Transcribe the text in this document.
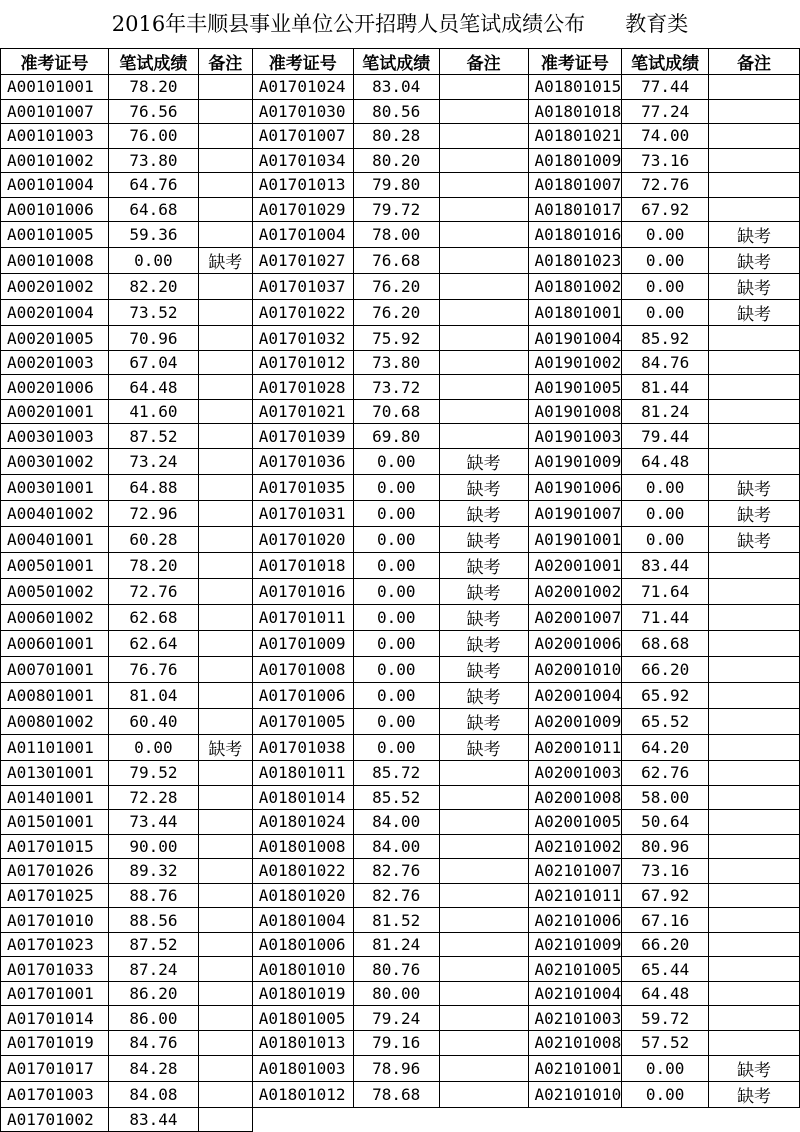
2016年丰顺县事业单位公开招聘人员笔试成绩公布 教育类
准考证号	笔试成绩	备注	准考证号	笔试成绩	备注	准考证号	笔试成绩	备注
A00101001	78.20		A01701024	83.04		A01801015	77.44	
A00101007	76.56		A01701030	80.56		A01801018	77.24	
A00101003	76.00		A01701007	80.28		A01801021	74.00	
A00101002	73.80		A01701034	80.20		A01801009	73.16	
A00101004	64.76		A01701013	79.80		A01801007	72.76	
A00101006	64.68		A01701029	79.72		A01801017	67.92	
A00101005	59.36		A01701004	78.00		A01801016	0.00	缺考
A00101008	0.00	缺考	A01701027	76.68		A01801023	0.00	缺考
A00201002	82.20		A01701037	76.20		A01801002	0.00	缺考
A00201004	73.52		A01701022	76.20		A01801001	0.00	缺考
A00201005	70.96		A01701032	75.92		A01901004	85.92	
A00201003	67.04		A01701012	73.80		A01901002	84.76	
A00201006	64.48		A01701028	73.72		A01901005	81.44	
A00201001	41.60		A01701021	70.68		A01901008	81.24	
A00301003	87.52		A01701039	69.80		A01901003	79.44	
A00301002	73.24		A01701036	0.00	缺考	A01901009	64.48	
A00301001	64.88		A01701035	0.00	缺考	A01901006	0.00	缺考
A00401002	72.96		A01701031	0.00	缺考	A01901007	0.00	缺考
A00401001	60.28		A01701020	0.00	缺考	A01901001	0.00	缺考
A00501001	78.20		A01701018	0.00	缺考	A02001001	83.44	
A00501002	72.76		A01701016	0.00	缺考	A02001002	71.64	
A00601002	62.68		A01701011	0.00	缺考	A02001007	71.44	
A00601001	62.64		A01701009	0.00	缺考	A02001006	68.68	
A00701001	76.76		A01701008	0.00	缺考	A02001010	66.20	
A00801001	81.04		A01701006	0.00	缺考	A02001004	65.92	
A00801002	60.40		A01701005	0.00	缺考	A02001009	65.52	
A01101001	0.00	缺考	A01701038	0.00	缺考	A02001011	64.20	
A01301001	79.52		A01801011	85.72		A02001003	62.76	
A01401001	72.28		A01801014	85.52		A02001008	58.00	
A01501001	73.44		A01801024	84.00		A02001005	50.64	
A01701015	90.00		A01801008	84.00		A02101002	80.96	
A01701026	89.32		A01801022	82.76		A02101007	73.16	
A01701025	88.76		A01801020	82.76		A02101011	67.92	
A01701010	88.56		A01801004	81.52		A02101006	67.16	
A01701023	87.52		A01801006	81.24		A02101009	66.20	
A01701033	87.24		A01801010	80.76		A02101005	65.44	
A01701001	86.20		A01801019	80.00		A02101004	64.48	
A01701014	86.00		A01801005	79.24		A02101003	59.72	
A01701019	84.76		A01801013	79.16		A02101008	57.52	
A01701017	84.28		A01801003	78.96		A02101001	0.00	缺考
A01701003	84.08		A01801012	78.68		A02101010	0.00	缺考
A01701002	83.44							
